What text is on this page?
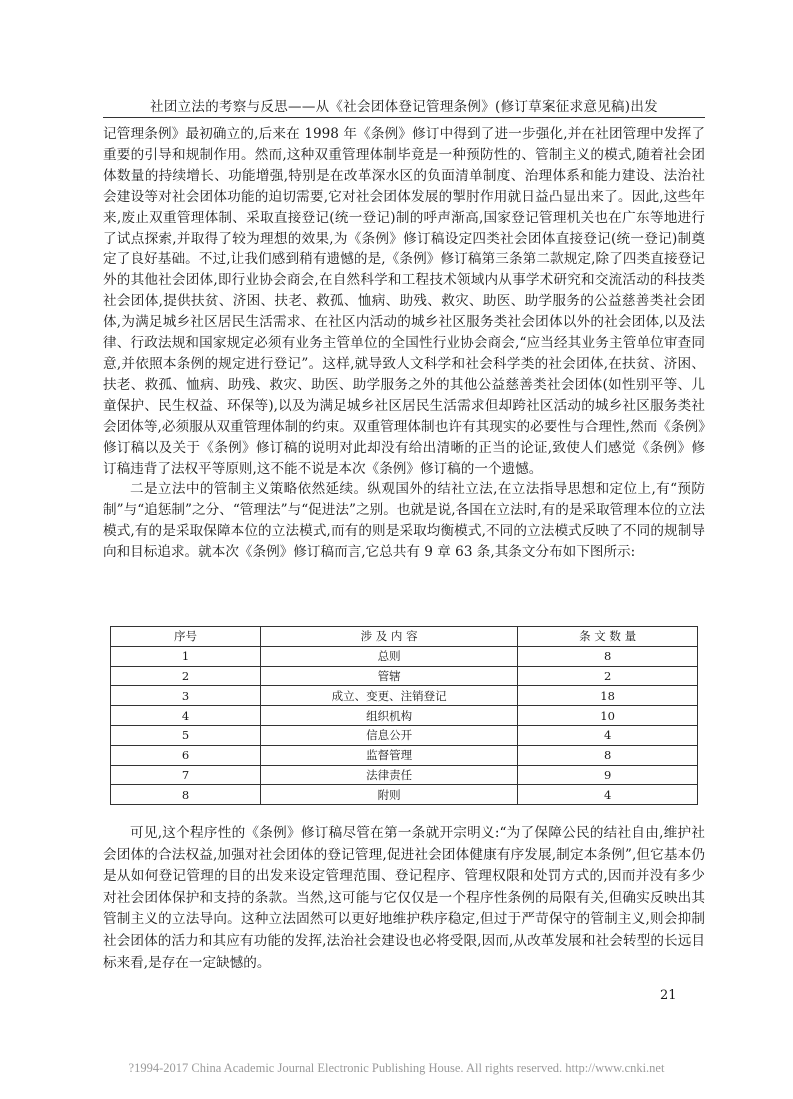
社团立法的考察与反思——从《社会团体登记管理条例》(修订草案征求意见稿)出发

记管理条例》最初确立的,后来在 1998 年《条例》修订中得到了进一步强化,并在社团管理中发挥了重要的引导和规制作用。然而,这种双重管理体制毕竟是一种预防性的、管制主义的模式,随着社会团体数量的持续增长、功能增强,特别是在改革深水区的负面清单制度、治理体系和能力建设、法治社会建设等对社会团体功能的迫切需要,它对社会团体发展的掣肘作用就日益凸显出来了。因此,这些年来,废止双重管理体制、采取直接登记(统一登记)制的呼声渐高,国家登记管理机关也在广东等地进行了试点探索,并取得了较为理想的效果,为《条例》修订稿设定四类社会团体直接登记(统一登记)制奠定了良好基础。不过,让我们感到稍有遗憾的是,《条例》修订稿第三条第二款规定,除了四类直接登记外的其他社会团体,即行业协会商会,在自然科学和工程技术领域内从事学术研究和交流活动的科技类社会团体,提供扶贫、济困、扶老、救孤、恤病、助残、救灾、助医、助学服务的公益慈善类社会团体,为满足城乡社区居民生活需求、在社区内活动的城乡社区服务类社会团体以外的社会团体,以及法律、行政法规和国家规定必须有业务主管单位的全国性行业协会商会,“应当经其业务主管单位审查同意,并依照本条例的规定进行登记”。这样,就导致人文科学和社会科学类的社会团体,在扶贫、济困、扶老、救孤、恤病、助残、救灾、助医、助学服务之外的其他公益慈善类社会团体(如性别平等、儿童保护、民生权益、环保等),以及为满足城乡社区居民生活需求但却跨社区活动的城乡社区服务类社会团体等,必须服从双重管理体制的约束。双重管理体制也许有其现实的必要性与合理性,然而《条例》修订稿以及关于《条例》修订稿的说明对此却没有给出清晰的正当的论证,致使人们感觉《条例》修订稿违背了法权平等原则,这不能不说是本次《条例》修订稿的一个遗憾。

二是立法中的管制主义策略依然延续。纵观国外的结社立法,在立法指导思想和定位上,有“预防制”与“追惩制”之分、“管理法”与“促进法”之别。也就是说,各国在立法时,有的是采取管理本位的立法模式,有的是采取保障本位的立法模式,而有的则是采取均衡模式,不同的立法模式反映了不同的规制导向和目标追求。就本次《条例》修订稿而言,它总共有 9 章 63 条,其条文分布如下图所示:

序号	涉 及 内 容	条 文 数 量
1	总则	8
2	管辖	2
3	成立、变更、注销登记	18
4	组织机构	10
5	信息公开	4
6	监督管理	8
7	法律责任	9
8	附则	4

可见,这个程序性的《条例》修订稿尽管在第一条就开宗明义:“为了保障公民的结社自由,维护社会团体的合法权益,加强对社会团体的登记管理,促进社会团体健康有序发展,制定本条例”,但它基本仍是从如何登记管理的目的出发来设定管理范围、登记程序、管理权限和处罚方式的,因而并没有多少对社会团体保护和支持的条款。当然,这可能与它仅仅是一个程序性条例的局限有关,但确实反映出其管制主义的立法导向。这种立法固然可以更好地维护秩序稳定,但过于严苛保守的管制主义,则会抑制社会团体的活力和其应有功能的发挥,法治社会建设也必将受限,因而,从改革发展和社会转型的长远目标来看,是存在一定缺憾的。

21
?1994-2017 China Academic Journal Electronic Publishing House. All rights reserved. http://www.cnki.net
